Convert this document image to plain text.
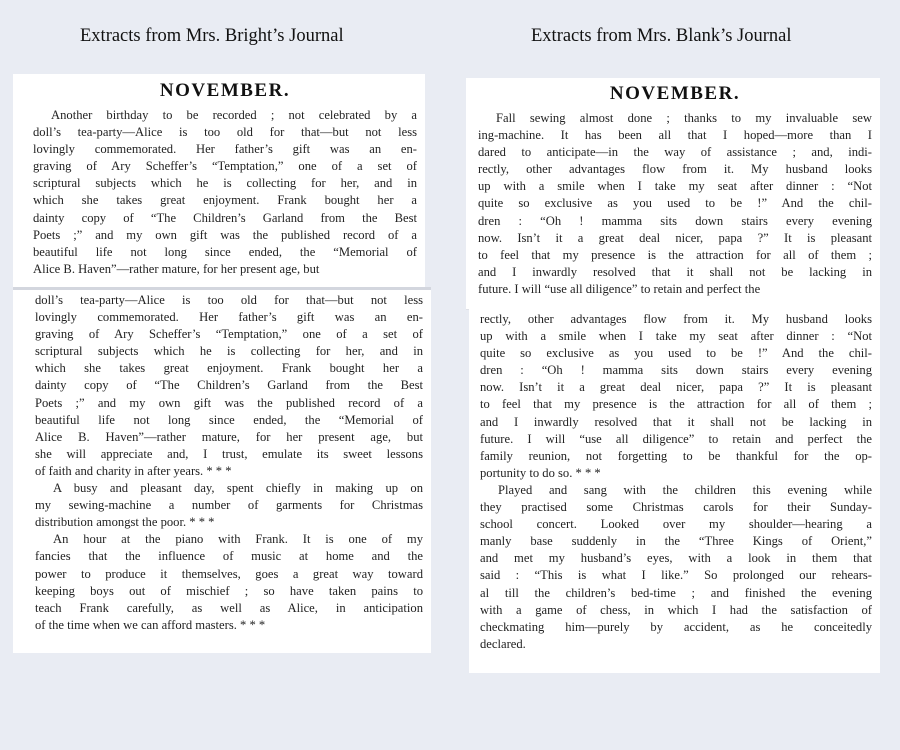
Extracts from Mrs. Bright’s Journal	Extracts from Mrs. Blank’s Journal
NOVEMBER.

Another birthday to be recorded ; not celebrated by a

doll’s tea-party—Alice is too old for that—but not less

lovingly commemorated. Her father’s gift was an en-

graving of Ary Scheffer’s “Temptation,” one of a set of

scriptural subjects which he is collecting for her, and in

which she takes great enjoyment. Frank bought her a

dainty copy of “The Children’s Garland from the Best

Poets ;” and my own gift was the published record of a

beautiful life not long since ended, the “Memorial of

Alice B. Haven”—rather mature, for her present age, but

doll’s tea-party—Alice is too old for that—but not less

lovingly commemorated. Her father’s gift was an en-

graving of Ary Scheffer’s “Temptation,” one of a set of

scriptural subjects which he is collecting for her, and in

which she takes great enjoyment. Frank bought her a

dainty copy of “The Children’s Garland from the Best

Poets ;” and my own gift was the published record of a

beautiful life not long since ended, the “Memorial of

Alice B. Haven”—rather mature, for her present age, but

she will appreciate and, I trust, emulate its sweet lessons

of faith and charity in after years. * * *

A busy and pleasant day, spent chiefly in making up on

my sewing-machine a number of garments for Christmas

distribution amongst the poor. * * *

An hour at the piano with Frank. It is one of my

fancies that the influence of music at home and the

power to produce it themselves, goes a great way toward

keeping boys out of mischief ; so have taken pains to

teach Frank carefully, as well as Alice, in anticipation

of the time when we can afford masters. * * *

NOVEMBER.

Fall sewing almost done ; thanks to my invaluable sew

ing-machine. It has been all that I hoped—more than I

dared to anticipate—in the way of assistance ; and, indi-

rectly, other advantages flow from it. My husband looks

up with a smile when I take my seat after dinner : “Not

quite so exclusive as you used to be !” And the chil-

dren : “Oh ! mamma sits down stairs every evening

now. Isn’t it a great deal nicer, papa ?” It is pleasant

to feel that my presence is the attraction for all of them ;

and I inwardly resolved that it shall not be lacking in

future. I will “use all diligence” to retain and perfect the

rectly, other advantages flow from it. My husband looks

up with a smile when I take my seat after dinner : “Not

quite so exclusive as you used to be !” And the chil-

dren : “Oh ! mamma sits down stairs every evening

now. Isn’t it a great deal nicer, papa ?” It is pleasant

to feel that my presence is the attraction for all of them ;

and I inwardly resolved that it shall not be lacking in

future. I will “use all diligence” to retain and perfect the

family reunion, not forgetting to be thankful for the op-

portunity to do so. * * *

Played and sang with the children this evening while

they practised some Christmas carols for their Sunday-

school concert. Looked over my shoulder—hearing a

manly base suddenly in the “Three Kings of Orient,”

and met my husband’s eyes, with a look in them that

said : “This is what I like.” So prolonged our rehears-

al till the children’s bed-time ; and finished the evening

with a game of chess, in which I had the satisfaction of

checkmating him—purely by accident, as he conceitedly

declared.
